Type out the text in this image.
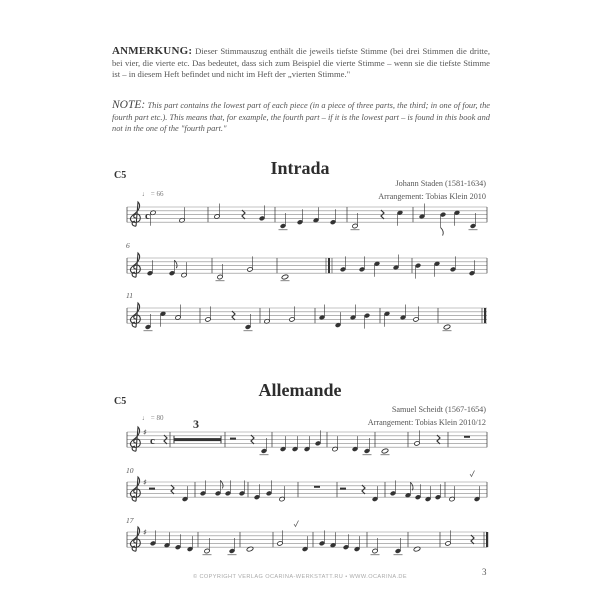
ANMERKUNG: Dieser Stimmauszug enthält die jeweils tiefste Stimme (bei drei Stimmen die dritte, bei vier, die vierte etc. Das bedeutet, dass sich zum Beispiel die vierte Stimme – wenn sie die tiefste Stimme ist – in diesem Heft befindet und nicht im Heft der „vierten Stimme."
NOTE: This part contains the lowest part of each piece (in a piece of three parts, the third; in one of four, the fourth part etc.). This means that, for example, the fourth part – if it is the lowest part – is found in this book and not in the one of the "fourth part."
C5	Intrada
Johann Staden (1581-1634)
Arrangement: Tobias Klein 2010
♩ = 66
6
11
C5
Allemande
Samuel Scheidt (1567-1654)
Arrangement: Tobias Klein 2010/12
♩ = 80 3
10
17
c
♯
c
♯
♯
© COPYRIGHT VERLAG OCARINA-WERKSTATT.RU • WWW.OCARINA.DE	3
